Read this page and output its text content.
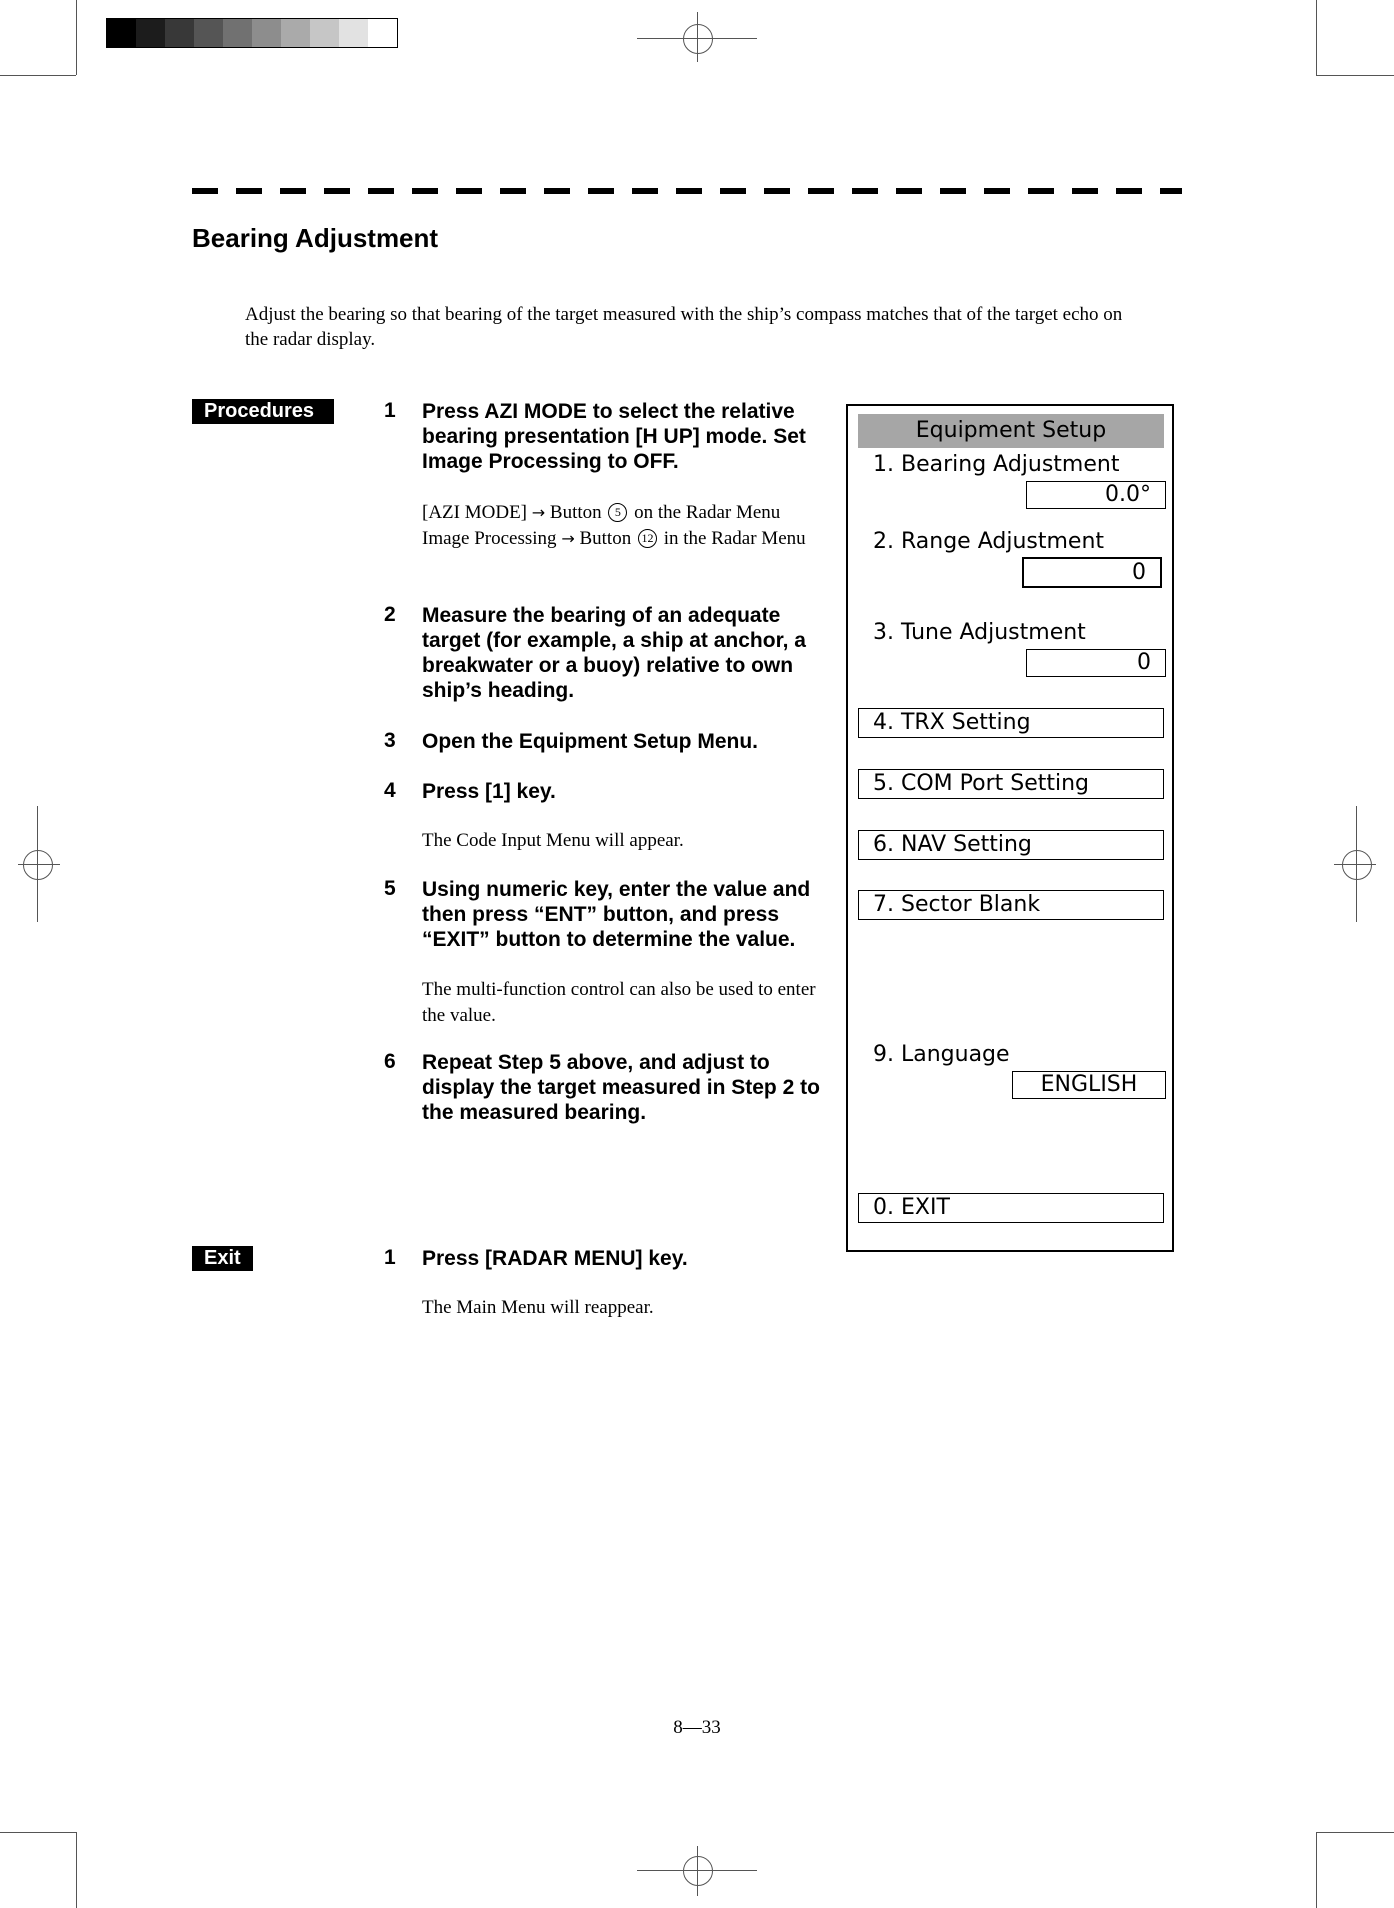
Bearing Adjustment
Adjust the bearing so that bearing of the target measured with the ship’s compass matches that of the target echo on the radar display.
Procedures	1 Press AZI MODE to select the relative bearing presentation [H UP] mode. Set Image Processing to OFF.
[AZI MODE] → Button 5 on the Radar Menu
Image Processing → Button 12 in the Radar Menu
2 Measure the bearing of an adequate target (for example, a ship at anchor, a breakwater or a buoy) relative to own ship’s heading.
3 Open the Equipment Setup Menu.
4 Press [1] key.
The Code Input Menu will appear.
5 Using numeric key, enter the value and then press “ENT” button, and press “EXIT” button to determine the value.
The multi-function control can also be used to enter the value.
6 Repeat Step 5 above, and adjust to display the target measured in Step 2 to the measured bearing.
Exit	1 Press [RADAR MENU] key.
The Main Menu will reappear.
Equipment Setup
1. Bearing Adjustment
0.0°
2. Range Adjustment
0
3. Tune Adjustment
0
4. TRX Setting
5. COM Port Setting
6. NAV Setting
7. Sector Blank
9. Language
ENGLISH
0. EXIT
8—33
